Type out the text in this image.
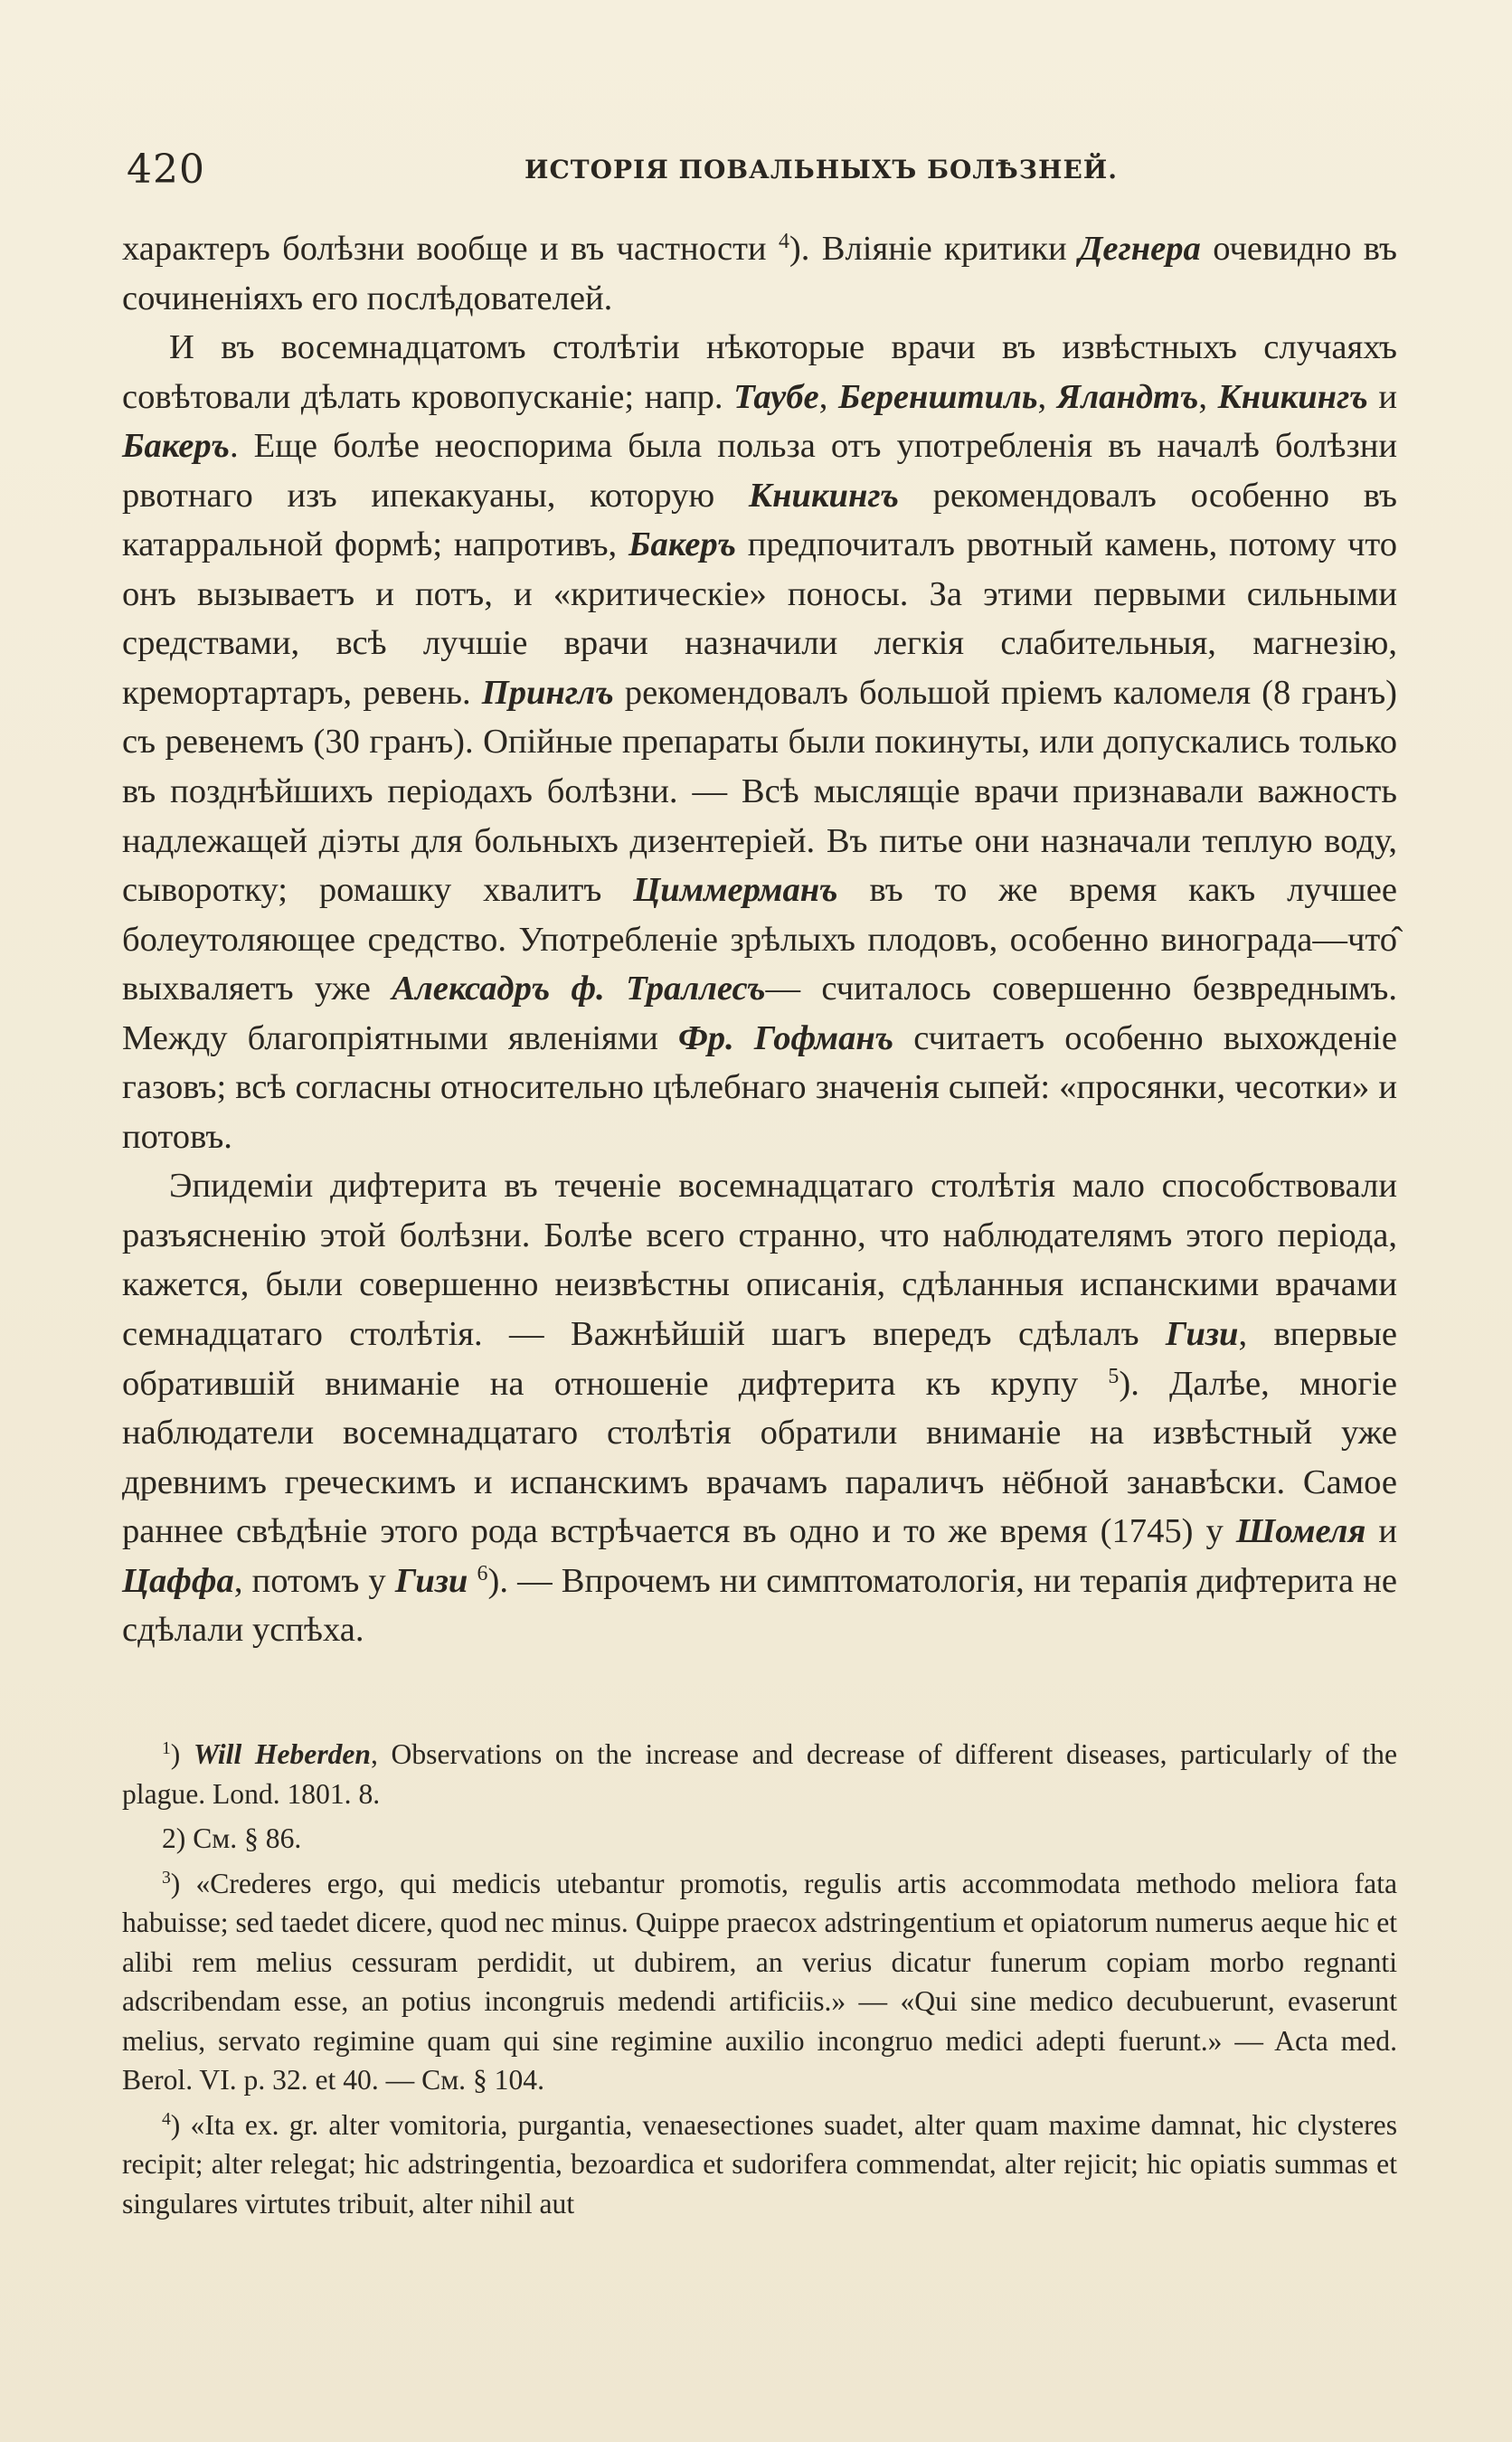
420	ИСТОРІЯ ПОВАЛЬНЫХЪ БОЛѢЗНЕЙ.

характеръ болѣзни вообще и въ частности $^4$). Вліяніе критики Дегнера очевидно въ сочиненіяхъ его послѣдователей.

И въ восемнадцатомъ столѣтіи нѣкоторые врачи въ извѣстныхъ случаяхъ совѣтовали дѣлать кровопусканіе; напр. Таубе, Беренштиль, Яландтъ, Кникингъ и Бакеръ. Еще болѣе неоспорима была польза отъ употребленія въ началѣ болѣзни рвотнаго изъ ипекакуаны, которую Кникингъ рекомендовалъ особенно въ катарральной формѣ; напротивъ, Бакеръ предпочиталъ рвотный камень, потому что онъ вызываетъ и потъ, и «критическіе» поносы. За этими первыми сильными средствами, всѣ лучшіе врачи назначили легкія слабительныя, магнезію, кремортартаръ, ревень. Принглъ рекомендовалъ большой пріемъ каломеля (8 гранъ) съ ревенемъ (30 гранъ). Опійные препараты были покинуты, или допускались только въ позднѣйшихъ періодахъ болѣзни. — Всѣ мыслящіе врачи признавали важность надлежащей діэты для больныхъ дизентеріей. Въ питье они назначали теплую воду, сыворотку; ромашку хвалитъ Циммерманъ въ то же время какъ лучшее болеутоляющее средство. Употребленіе зрѣлыхъ плодовъ, особенно винограда—что̂ выхваляетъ уже Алексадръ ф. Траллесъ— считалось совершенно безвреднымъ. Между благопріятными явленіями Фр. Гофманъ считаетъ особенно выхожденіе газовъ; всѣ согласны относительно цѣлебнаго значенія сыпей: «просянки, чесотки» и потовъ.

Эпидеміи дифтерита въ теченіе восемнадцатаго столѣтія мало способствовали разъясненію этой болѣзни. Болѣе всего странно, что наблюдателямъ этого періода, кажется, были совершенно неизвѣстны описанія, сдѣланныя испанскими врачами семнадцатаго столѣтія. — Важнѣйшій шагъ впередъ сдѣлалъ Гизи, впервые обратившій вниманіе на отношеніе дифтерита къ крупу $^5$). Далѣе, многіе наблюдатели восемнадцатаго столѣтія обратили вниманіе на извѣстный уже древнимъ греческимъ и испанскимъ врачамъ параличъ нёбной занавѣски. Самое раннее свѣдѣніе этого рода встрѣчается въ одно и то же время (1745) у Шомеля и Цаффа, потомъ у Гизи $^6$). — Впрочемъ ни симптоматологія, ни терапія дифтерита не сдѣлали успѣха.

$^1$) Will Heberden, Observations on the increase and decrease of different diseases, particularly of the plague. Lond. 1801. 8.

2) См. § 86.

$^3$) «Crederes ergo, qui medicis utebantur promotis, regulis artis accommodata methodo meliora fata habuisse; sed taedet dicere, quod nec minus. Quippe praecox adstringentium et opiatorum numerus aeque hic et alibi rem melius cessuram perdidit, ut dubirem, an verius dicatur funerum copiam morbo regnanti adscribendam esse, an potius incongruis medendi artificiis.» — «Qui sine medico decubuerunt, evaserunt melius, servato regimine quam qui sine regimine auxilio incongruo medici adepti fuerunt.» — Acta med. Berol. VI. p. 32. et 40. — См. § 104.

$^4$) «Ita ex. gr. alter vomitoria, purgantia, venaesectiones suadet, alter quam maxime damnat, hic clysteres recipit; alter relegat; hic adstringentia, bezoardica et sudorifera commendat, alter rejicit; hic opiatis summas et singulares virtutes tribuit, alter nihil aut
